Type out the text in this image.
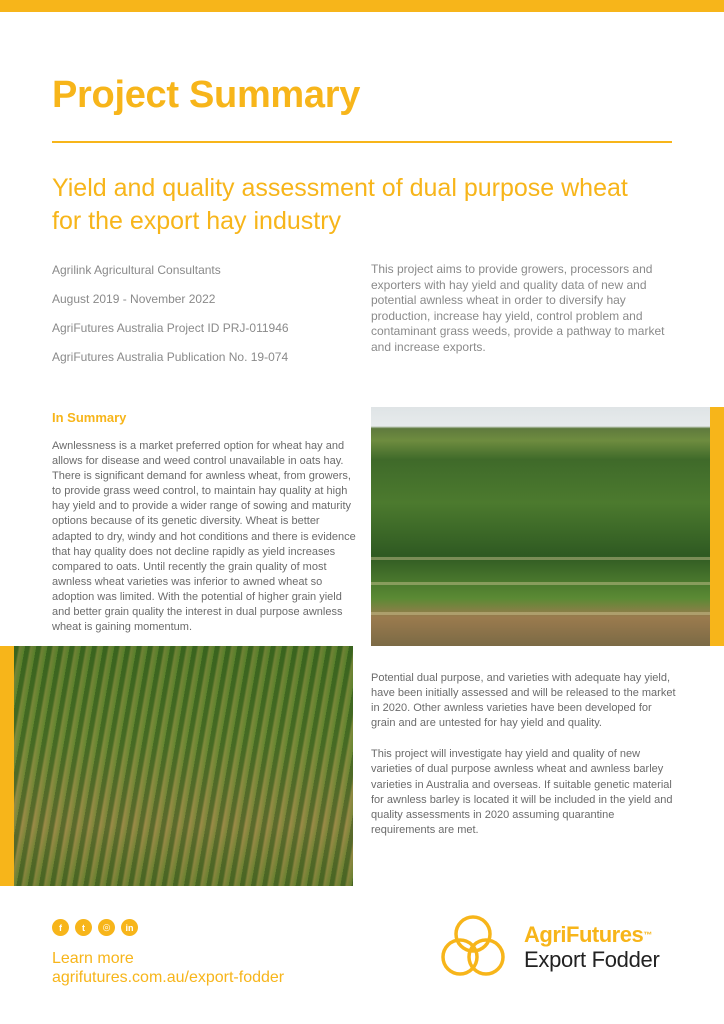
Project Summary
Yield and quality assessment of dual purpose wheat for the export hay industry
Agrilink Agricultural Consultants
August 2019 - November 2022
AgriFutures Australia Project ID PRJ-011946
AgriFutures Australia Publication No. 19-074
This project aims to provide growers, processors and exporters with hay yield and quality data of new and potential awnless wheat in order to diversify hay production, increase hay yield, control problem and contaminant grass weeds, provide a pathway to market and increase exports.
In Summary
Awnlessness is a market preferred option for wheat hay and allows for disease and weed control unavailable in oats hay. There is significant demand for awnless wheat, from growers, to provide grass weed control, to maintain hay quality at high hay yield and to provide a wider range of sowing and maturity options because of its genetic diversity. Wheat is better adapted to dry, windy and hot conditions and there is evidence that hay quality does not decline rapidly as yield increases compared to oats. Until recently the grain quality of most awnless wheat varieties was inferior to awned wheat so adoption was limited. With the potential of higher grain yield and better grain quality the interest in dual purpose awnless wheat is gaining momentum.

Potential dual purpose, and varieties with adequate hay yield, have been initially assessed and will be released to the market in 2020. Other awnless varieties have been developed for grain and are untested for hay yield and quality.

This project will investigate hay yield and quality of new varieties of dual purpose awnless wheat and awnless barley varieties in Australia and overseas. If suitable genetic material for awnless barley is located it will be included in the yield and quality assessments in 2020 assuming quarantine requirements are met.

f	t	◎	in
Learn more
agrifutures.com.au/export-fodder
AgriFutures™
Export Fodder
